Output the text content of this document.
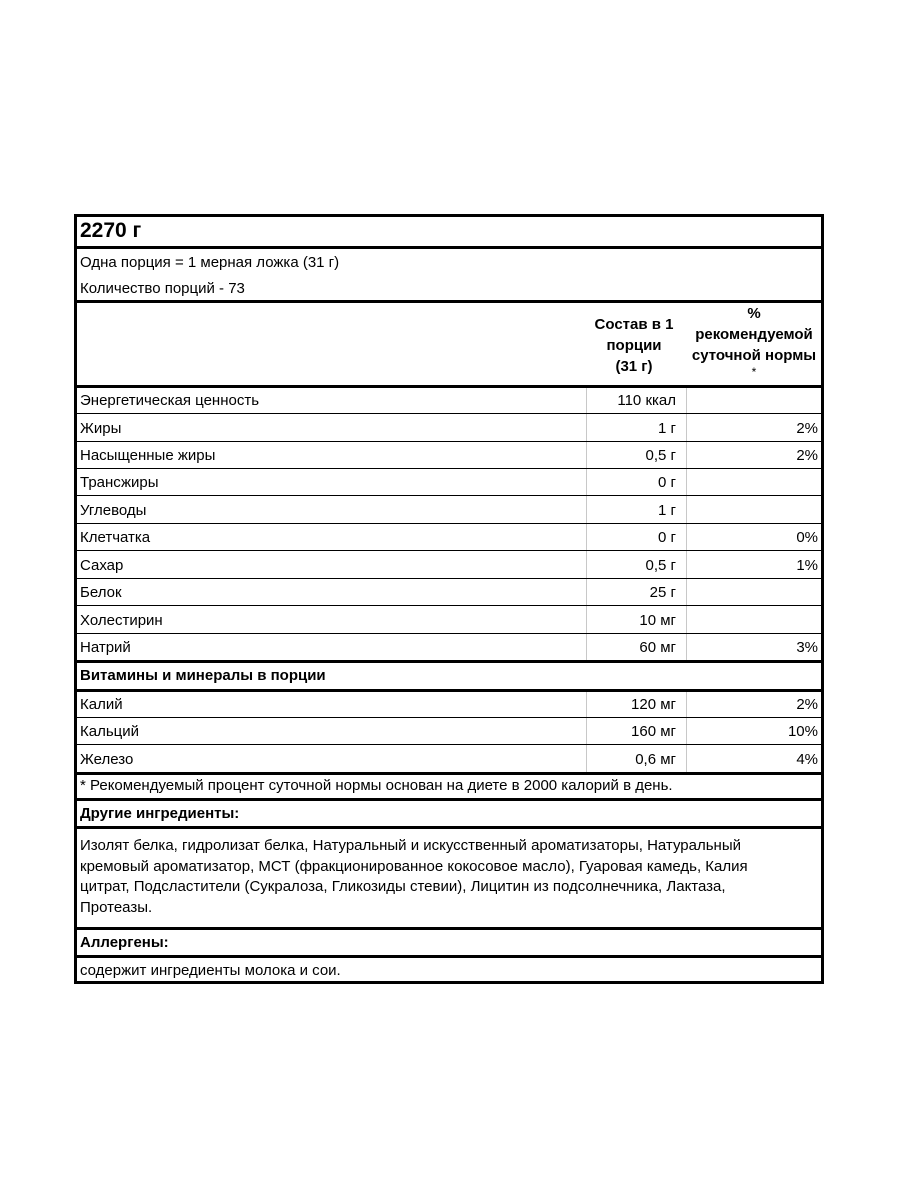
2270 г
Одна порция = 1 мерная ложка (31 г)
Количество порций - 73
Состав в 1
порции
(31 г)
%
рекомендуемой
суточной нормы
*
Энергетическая ценность	110 ккал
Жиры	1 г	2%
Насыщенные жиры	0,5 г	2%
Трансжиры	0 г
Углеводы	1 г
Клетчатка	0 г	0%
Сахар	0,5 г	1%
Белок	25 г
Холестирин	10 мг
Натрий	60 мг	3%
Витамины и минералы в порции
Калий	120 мг	2%
Кальций	160 мг	10%
Железо	0,6 мг	4%
* Рекомендуемый процент суточной нормы основан на диете в 2000 калорий в день.
Другие ингредиенты:
Изолят белка, гидролизат белка, Натуральный и искусственный ароматизаторы, Натуральный
кремовый ароматизатор, МСТ (фракционированное кокосовое масло), Гуаровая камедь, Калия
цитрат, Подсластители (Сукралоза, Гликозиды стевии), Лицитин из подсолнечника, Лактаза,
Протеазы.
Аллергены:
содержит ингредиенты молока и сои.
